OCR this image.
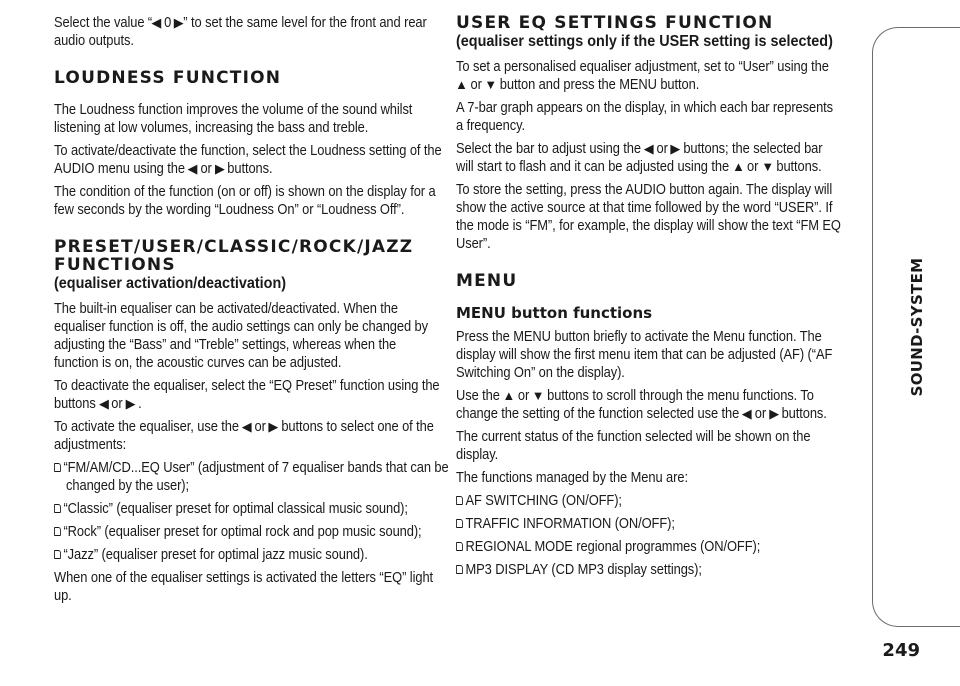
Select the value “◀ 0 ▶” to set the same level for the front and rear audio outputs.

LOUDNESS FUNCTION

The Loudness function improves the volume of the sound whilst listening at low volumes, increasing the bass and treble.

To activate/deactivate the function, select the Loudness setting of the AUDIO menu using the ◀ or ▶ buttons.

The condition of the function (on or off) is shown on the display for a few seconds by the wording “Loudness On” or “Loudness Off”.

PRESET/USER/CLASSIC/ROCK/JAZZ
FUNCTIONS
(equaliser activation/deactivation)

The built-in equaliser can be activated/deactivated. When the equaliser function is off, the audio settings can only be changed by adjusting the “Bass” and “Treble” settings, whereas when the function is on, the acoustic curves can be adjusted.

To deactivate the equaliser, select the “EQ Preset” function using the buttons ◀ or ▶ .

To activate the equaliser, use the ◀ or ▶ buttons to select one of the adjustments:

“FM/AM/CD...EQ User” (adjustment of 7 equaliser bands that can be changed by the user);

“Classic” (equaliser preset for optimal classical music sound);

“Rock” (equaliser preset for optimal rock and pop music sound);

“Jazz” (equaliser preset for optimal jazz music sound).

When one of the equaliser settings is activated the letters “EQ” light up.

USER EQ SETTINGS FUNCTION
(equaliser settings only if the USER setting is selected)

To set a personalised equaliser adjustment, set to “User” using the ▲ or ▼ button and press the MENU button.

A 7-bar graph appears on the display, in which each bar represents a frequency.

Select the bar to adjust using the ◀ or ▶ buttons; the selected bar will start to flash and it can be adjusted using the ▲ or ▼ buttons.

To store the setting, press the AUDIO button again. The display will show the active source at that time followed by the word “USER”. If the mode is “FM”, for example, the display will show the text “FM EQ User”.

MENU
MENU button functions

Press the MENU button briefly to activate the Menu function. The display will show the first menu item that can be adjusted (AF) (“AF Switching On” on the display).

Use the ▲ or ▼ buttons to scroll through the menu functions. To change the setting of the function selected use the ◀ or ▶ buttons.

The current status of the function selected will be shown on the display.

The functions managed by the Menu are:

AF SWITCHING (ON/OFF);

TRAFFIC INFORMATION (ON/OFF);

REGIONAL MODE regional programmes (ON/OFF);

MP3 DISPLAY (CD MP3 display settings);

SOUND-SYSTEM
249
